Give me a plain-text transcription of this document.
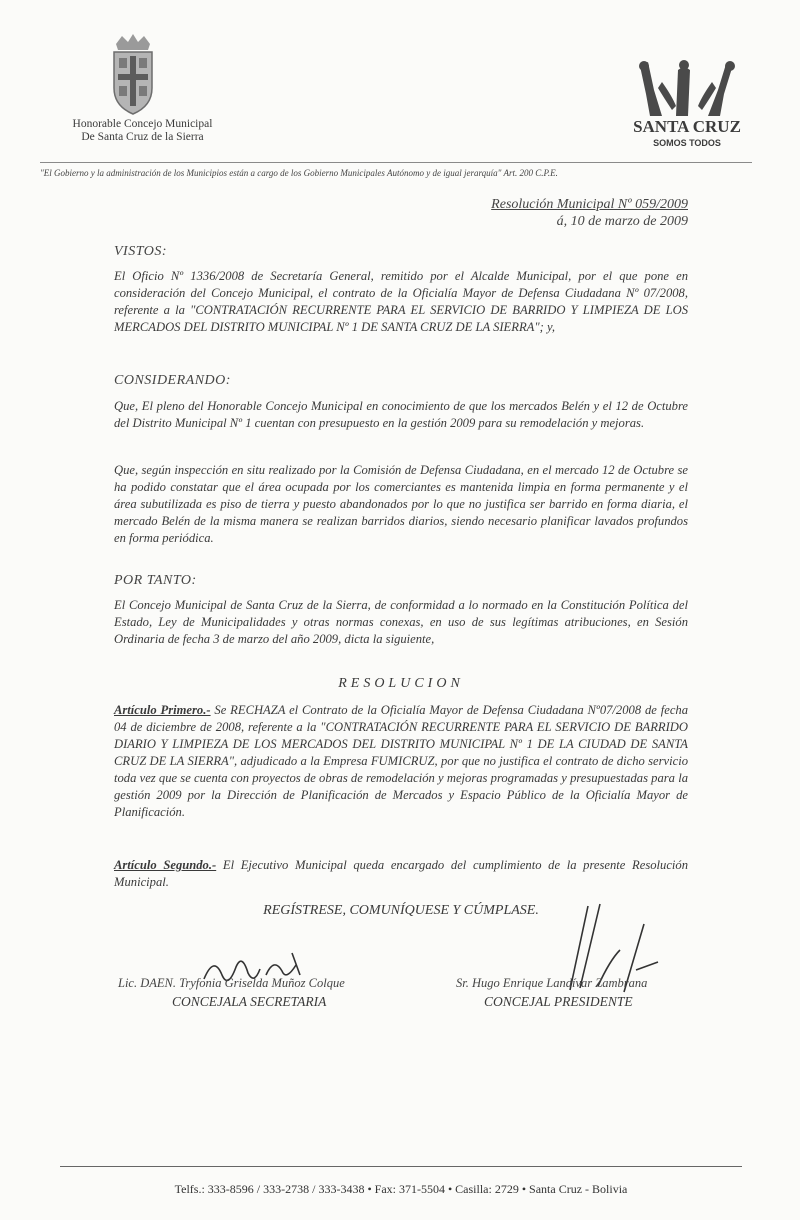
Honorable Concejo Municipal
De Santa Cruz de la Sierra
SANTA CRUZ
SOMOS TODOS
"El Gobierno y la administración de los Municipios están a cargo de los Gobierno Municipales Autónomo y de igual jerarquía" Art. 200 C.P.E.
Resolución Municipal Nº 059/2009
á, 10 de marzo de 2009
VISTOS:
El Oficio Nº 1336/2008 de Secretaría General, remitido por el Alcalde Municipal, por el que pone en consideración del Concejo Municipal, el contrato de la Oficialía Mayor de Defensa Ciudadana Nº 07/2008, referente a la "CONTRATACIÓN RECURRENTE PARA EL SERVICIO DE BARRIDO Y LIMPIEZA DE LOS MERCADOS DEL DISTRITO MUNICIPAL Nº 1 DE SANTA CRUZ DE LA SIERRA"; y,
CONSIDERANDO:
Que, El pleno del Honorable Concejo Municipal en conocimiento de que los mercados Belén y el 12 de Octubre del Distrito Municipal Nº 1 cuentan con presupuesto en la gestión 2009 para su remodelación y mejoras.
Que, según inspección en situ realizado por la Comisión de Defensa Ciudadana, en el mercado 12 de Octubre se ha podido constatar que el área ocupada por los comerciantes es mantenida limpia en forma permanente y el área subutilizada es piso de tierra y puesto abandonados por lo que no justifica ser barrido en forma diaria, el mercado Belén de la misma manera se realizan barridos diarios, siendo necesario planificar lavados profundos en forma periódica.
POR TANTO:
El Concejo Municipal de Santa Cruz de la Sierra, de conformidad a lo normado en la Constitución Política del Estado, Ley de Municipalidades y otras normas conexas, en uso de sus legítimas atribuciones, en Sesión Ordinaria de fecha 3 de marzo del año 2009, dicta la siguiente,
RESOLUCION
Artículo Primero.- Se RECHAZA el Contrato de la Oficialía Mayor de Defensa Ciudadana Nº07/2008 de fecha 04 de diciembre de 2008, referente a la "CONTRATACIÓN RECURRENTE PARA EL SERVICIO DE BARRIDO DIARIO Y LIMPIEZA DE LOS MERCADOS DEL DISTRITO MUNICIPAL Nº 1 DE LA CIUDAD DE SANTA CRUZ DE LA SIERRA", adjudicado a la Empresa FUMICRUZ, por que no justifica el contrato de dicho servicio toda vez que se cuenta con proyectos de obras de remodelación y mejoras programadas y presupuestadas para la gestión 2009 por la Dirección de Planificación de Mercados y Espacio Público de la Oficialía Mayor de Planificación.
Artículo Segundo.- El Ejecutivo Municipal queda encargado del cumplimiento de la presente Resolución Municipal.
REGÍSTRESE, COMUNÍQUESE Y CÚMPLASE.
Lic. DAEN. Tryfonia Griselda Muñoz Colque
CONCEJALA SECRETARIA
Sr. Hugo Enrique Landívar Zambrana
CONCEJAL PRESIDENTE
Telfs.: 333-8596 / 333-2738 / 333-3438 • Fax: 371-5504 • Casilla: 2729 • Santa Cruz - Bolivia
